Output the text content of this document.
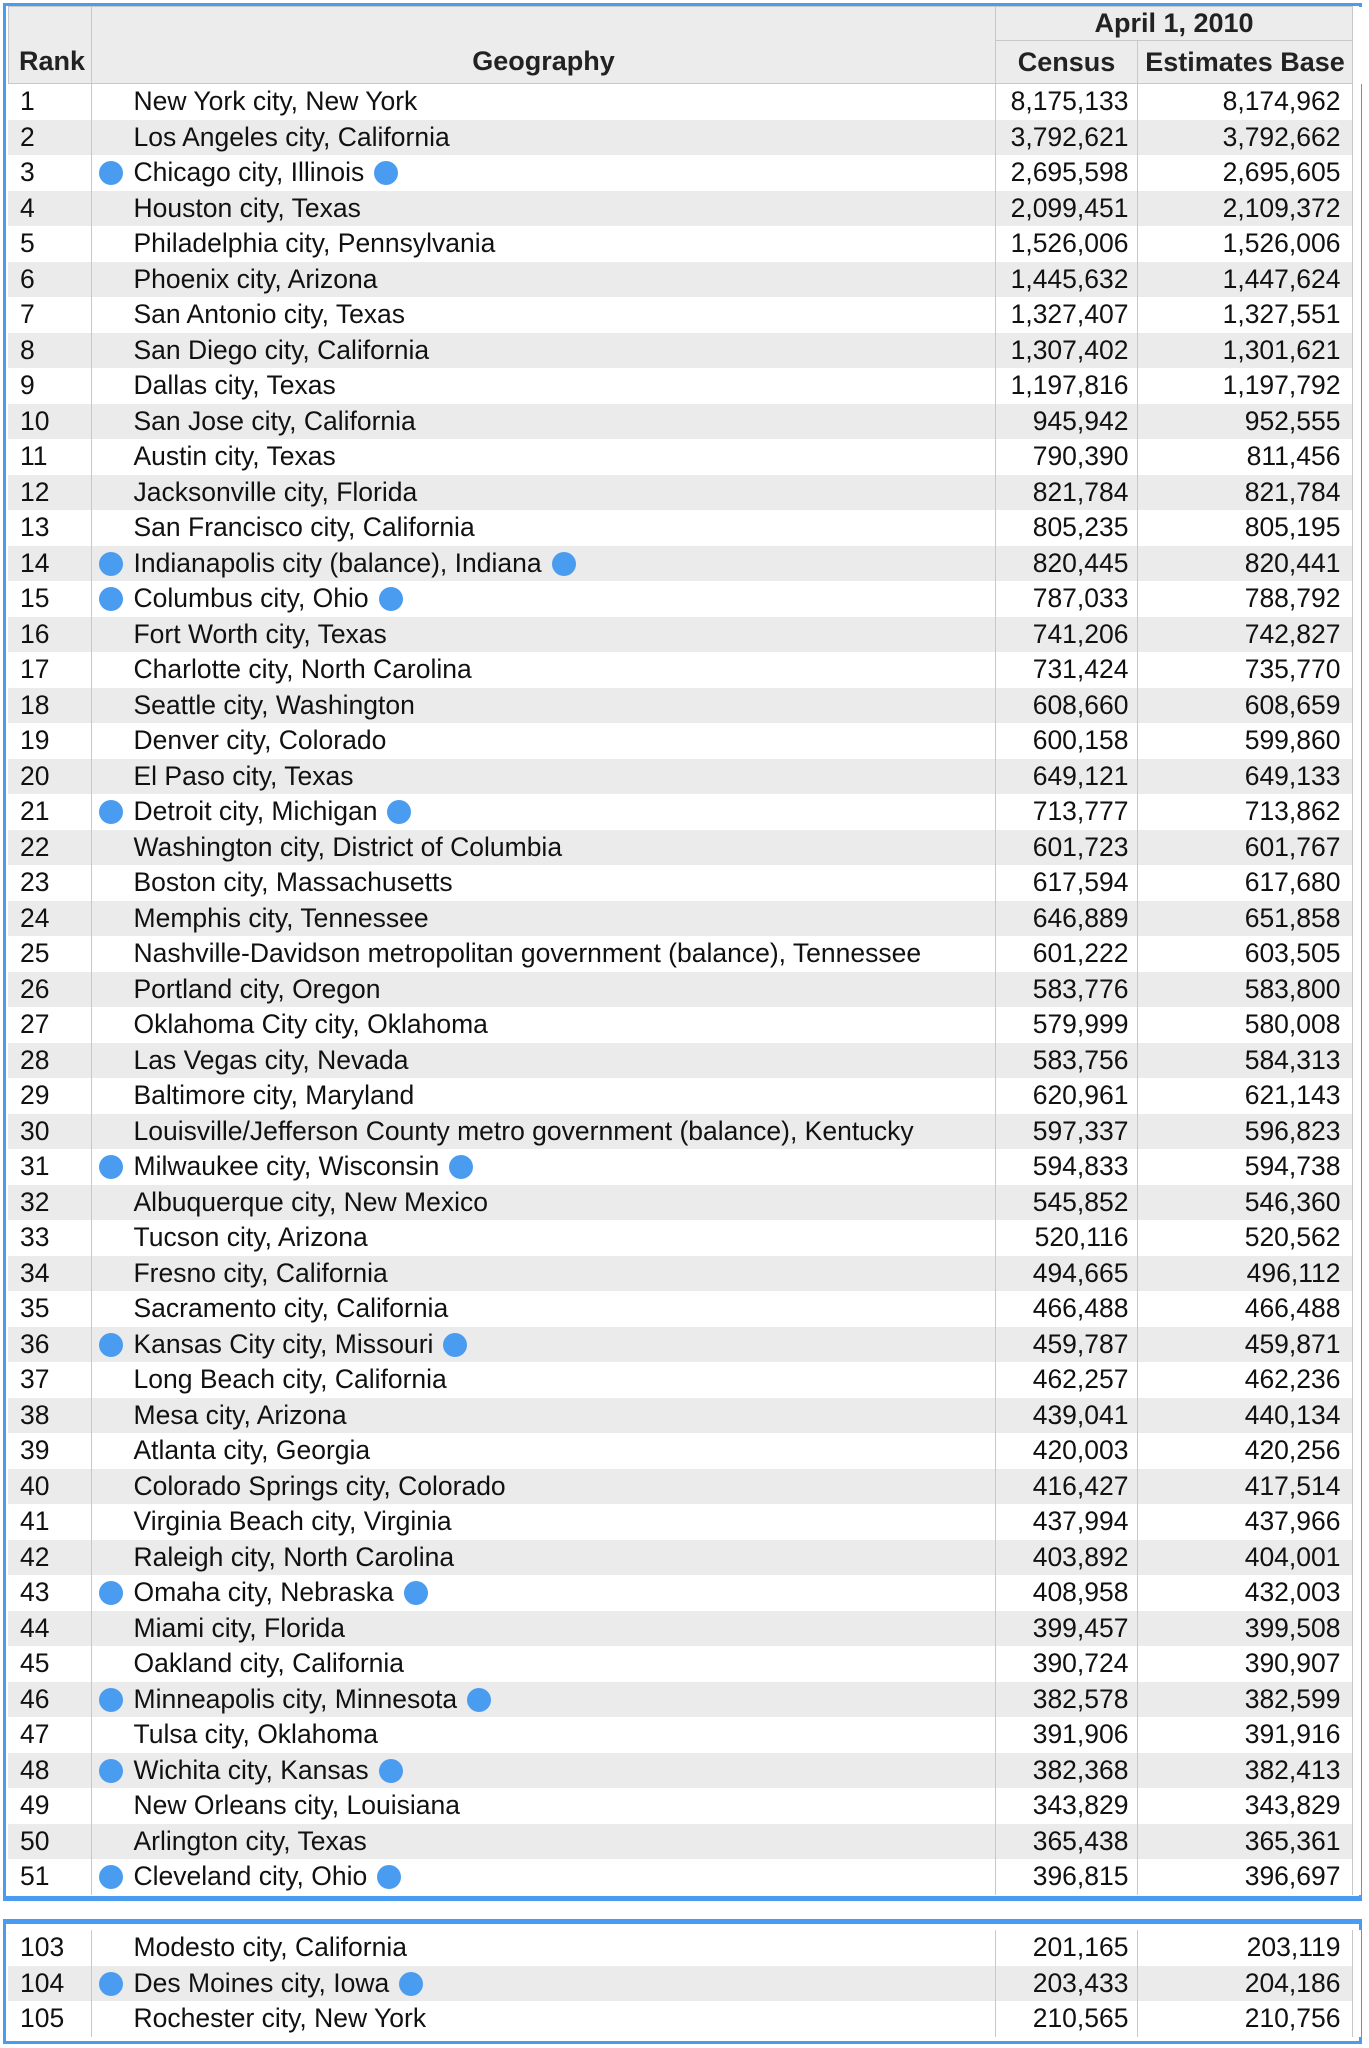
Rank	Geography	April 1, 2010		
		Census	Estimates Base	
1	New York city, New York	8,175,133	8,174,962	
2	Los Angeles city, California	3,792,621	3,792,662	
3	Chicago city, Illinois	2,695,598	2,695,605	
4	Houston city, Texas	2,099,451	2,109,372	
5	Philadelphia city, Pennsylvania	1,526,006	1,526,006	
6	Phoenix city, Arizona	1,445,632	1,447,624	
7	San Antonio city, Texas	1,327,407	1,327,551	
8	San Diego city, California	1,307,402	1,301,621	
9	Dallas city, Texas	1,197,816	1,197,792	
10	San Jose city, California	945,942	952,555	
11	Austin city, Texas	790,390	811,456	
12	Jacksonville city, Florida	821,784	821,784	
13	San Francisco city, California	805,235	805,195	
14	Indianapolis city (balance), Indiana	820,445	820,441	
15	Columbus city, Ohio	787,033	788,792	
16	Fort Worth city, Texas	741,206	742,827	
17	Charlotte city, North Carolina	731,424	735,770	
18	Seattle city, Washington	608,660	608,659	
19	Denver city, Colorado	600,158	599,860	
20	El Paso city, Texas	649,121	649,133	
21	Detroit city, Michigan	713,777	713,862	
22	Washington city, District of Columbia	601,723	601,767	
23	Boston city, Massachusetts	617,594	617,680	
24	Memphis city, Tennessee	646,889	651,858	
25	Nashville-Davidson metropolitan government (balance), Tennessee	601,222	603,505	
26	Portland city, Oregon	583,776	583,800	
27	Oklahoma City city, Oklahoma	579,999	580,008	
28	Las Vegas city, Nevada	583,756	584,313	
29	Baltimore city, Maryland	620,961	621,143	
30	Louisville/Jefferson County metro government (balance), Kentucky	597,337	596,823	
31	Milwaukee city, Wisconsin	594,833	594,738	
32	Albuquerque city, New Mexico	545,852	546,360	
33	Tucson city, Arizona	520,116	520,562	
34	Fresno city, California	494,665	496,112	
35	Sacramento city, California	466,488	466,488	
36	Kansas City city, Missouri	459,787	459,871	
37	Long Beach city, California	462,257	462,236	
38	Mesa city, Arizona	439,041	440,134	
39	Atlanta city, Georgia	420,003	420,256	
40	Colorado Springs city, Colorado	416,427	417,514	
41	Virginia Beach city, Virginia	437,994	437,966	
42	Raleigh city, North Carolina	403,892	404,001	
43	Omaha city, Nebraska	408,958	432,003	
44	Miami city, Florida	399,457	399,508	
45	Oakland city, California	390,724	390,907	
46	Minneapolis city, Minnesota	382,578	382,599	
47	Tulsa city, Oklahoma	391,906	391,916	
48	Wichita city, Kansas	382,368	382,413	
49	New Orleans city, Louisiana	343,829	343,829	
50	Arlington city, Texas	365,438	365,361	
51	Cleveland city, Ohio	396,815	396,697	
103	Modesto city, California	201,165	203,119	
104	Des Moines city, Iowa	203,433	204,186	
105	Rochester city, New York	210,565	210,756	
